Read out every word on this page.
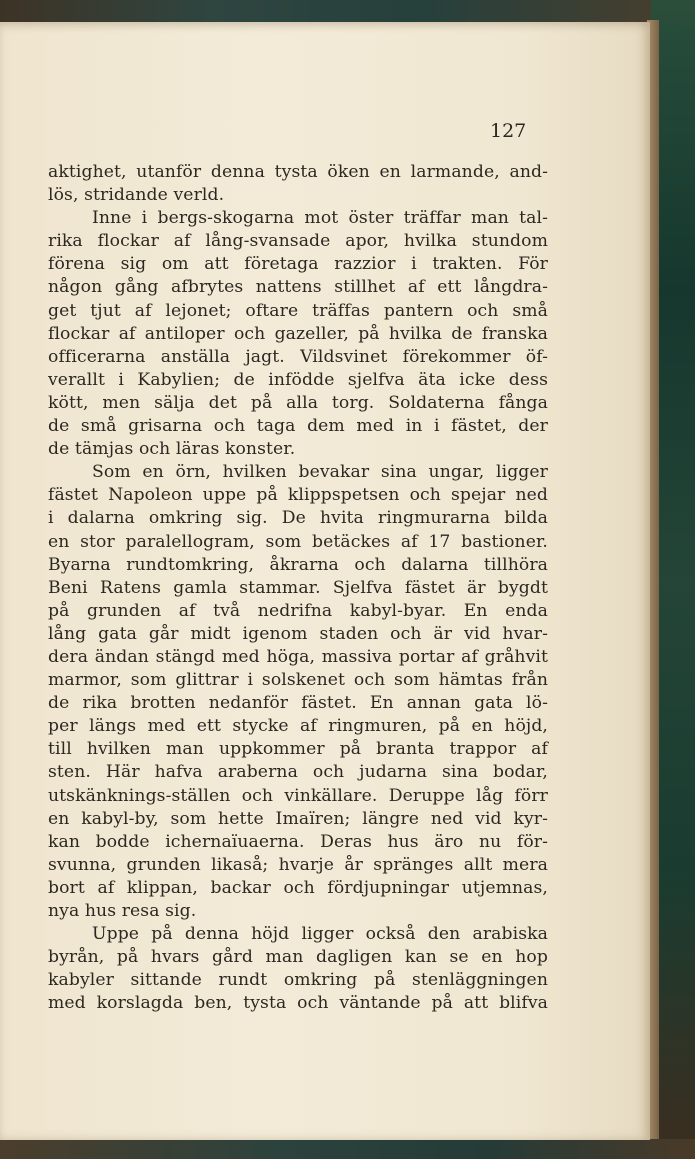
127
aktighet, utanför denna tysta öken en larmande, and-
lös, stridande verld.
Inne i bergs-skogarna mot öster träffar man tal-
rika flockar af lång-svansade apor, hvilka stundom
förena sig om att företaga razzior i trakten. För
någon gång afbrytes nattens stillhet af ett långdra-
get tjut af lejonet; oftare träffas pantern och små
flockar af antiloper och gazeller, på hvilka de franska
officerarna anställa jagt. Vildsvinet förekommer öf-
verallt i Kabylien; de infödde sjelfva äta icke dess
kött, men sälja det på alla torg. Soldaterna fånga
de små grisarna och taga dem med in i fästet, der
de tämjas och läras konster.
Som en örn, hvilken bevakar sina ungar, ligger
fästet Napoleon uppe på klippspetsen och spejar ned
i dalarna omkring sig. De hvita ringmurarna bilda
en stor paralellogram, som betäckes af 17 bastioner.
Byarna rundtomkring, åkrarna och dalarna tillhöra
Beni Ratens gamla stammar. Sjelfva fästet är bygdt
på grunden af två nedrifna kabyl-byar. En enda
lång gata går midt igenom staden och är vid hvar-
dera ändan stängd med höga, massiva portar af gråhvit
marmor, som glittrar i solskenet och som hämtas från
de rika brotten nedanför fästet. En annan gata lö-
per längs med ett stycke af ringmuren, på en höjd,
till hvilken man uppkommer på branta trappor af
sten. Här hafva araberna och judarna sina bodar,
utskänknings-ställen och vinkällare. Deruppe låg förr
en kabyl-by, som hette Imaïren; längre ned vid kyr-
kan bodde ichernaïuaerna. Deras hus äro nu för-
svunna, grunden likaså; hvarje år spränges allt mera
bort af klippan, backar och fördjupningar utjemnas,
nya hus resa sig.
Uppe på denna höjd ligger också den arabiska
byrån, på hvars gård man dagligen kan se en hop
kabyler sittande rundt omkring på stenläggningen
med korslagda ben, tysta och väntande på att blifva
